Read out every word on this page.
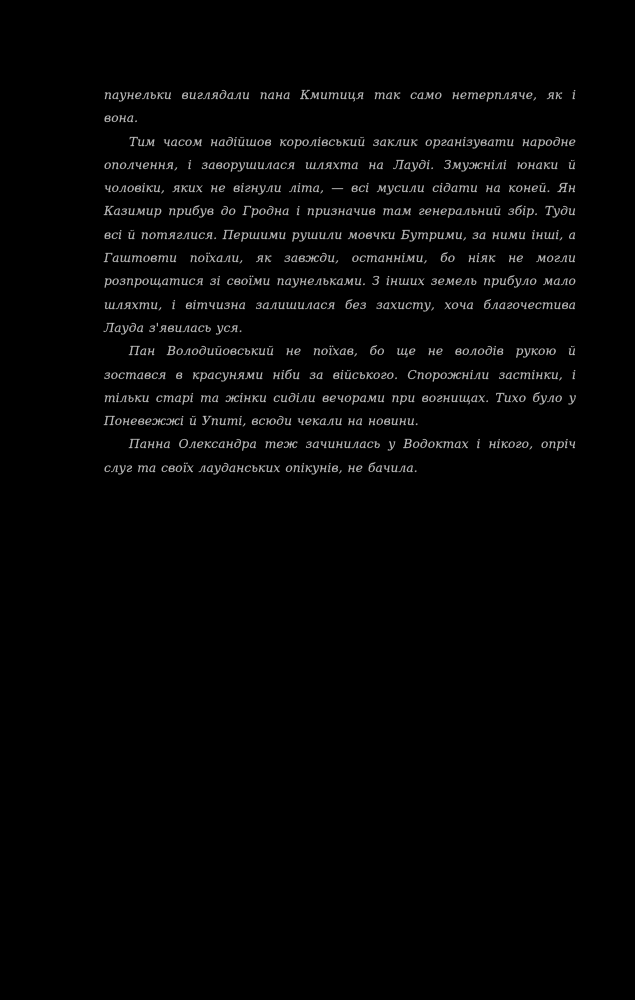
паунельки виглядали пана Кмитиця так само нетерпляче, як і вона.

Тим часом надійшов королівський заклик організувати народне ополчення, і заворушилася шляхта на Лауді. Змужнілі юнаки й чоловіки, яких не вігнули літа, — всі мусили сідати на коней. Ян Казимир прибув до Гродна і призначив там генеральний збір. Туди всі й потяглися. Першими рушили мовчки Бутрими, за ними інші, а Гаштовти поїхали, як завжди, останніми, бо ніяк не могли розпрощатися зі своїми паунельками. З інших земель прибуло мало шляхти, і вітчизна залишилася без захисту, хоча благочестива Лауда з'явилась уся.

Пан Володийовський не поїхав, бо ще не володів рукою й зостався в красунями ніби за війського. Спорожніли застінки, і тільки старі та жінки сиділи вечорами при вогнищах. Тихо було у Поневежжі й Упиті, всюди чекали на новини.

Панна Олександра теж зачинилась у Водоктах і нікого, опріч слуг та своїх лауданських опікунів, не бачила.
